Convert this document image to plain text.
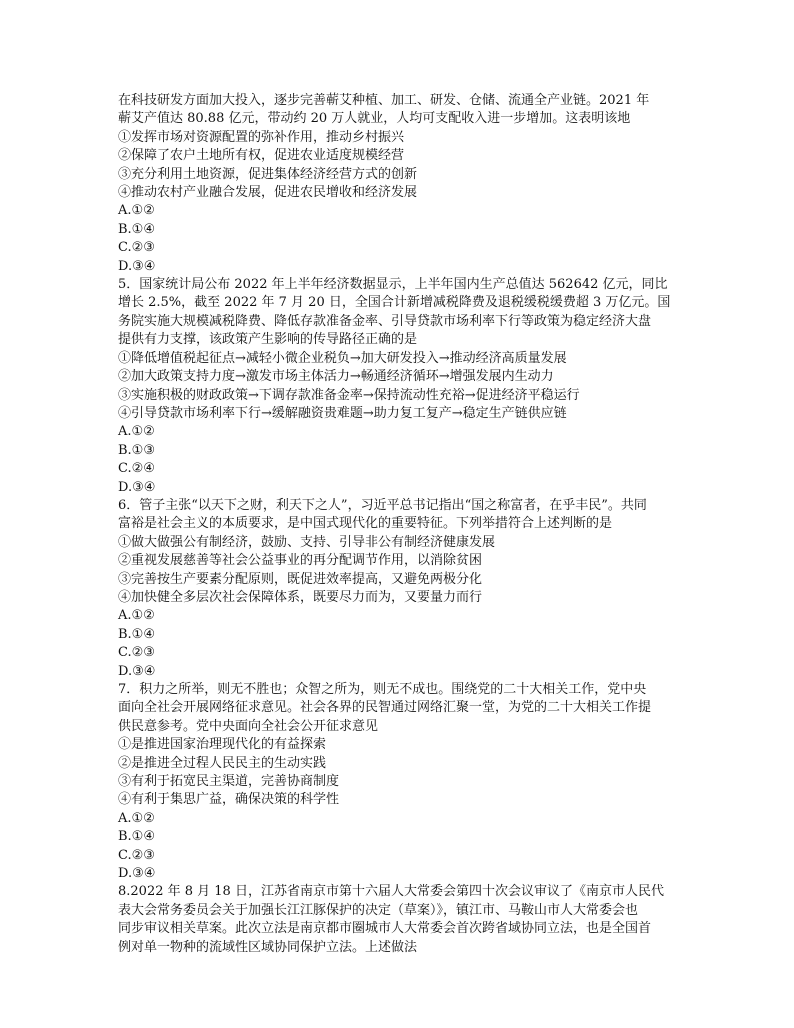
在科技研发方面加大投入，逐步完善蕲艾种植、加工、研发、仓储、流通全产业链。2021 年
蕲艾产值达 80.88 亿元，带动约 20 万人就业，人均可支配收入进一步增加。这表明该地
①发挥市场对资源配置的弥补作用，推动乡村振兴
②保障了农户土地所有权，促进农业适度规模经营
③充分利用土地资源，促进集体经济经营方式的创新
④推动农村产业融合发展，促进农民增收和经济发展
A.①②
B.①④
C.②③
D.③④
5．国家统计局公布 2022 年上半年经济数据显示，上半年国内生产总值达 562642 亿元，同比
增长 2.5%，截至 2022 年 7 月 20 日，全国合计新增减税降费及退税缓税缓费超 3 万亿元。国
务院实施大规模减税降费、降低存款准备金率、引导贷款市场利率下行等政策为稳定经济大盘
提供有力支撑，该政策产生影响的传导路径正确的是
①降低增值税起征点→减轻小微企业税负→加大研发投入→推动经济高质量发展
②加大政策支持力度→激发市场主体活力→畅通经济循环→增强发展内生动力
③实施积极的财政政策→下调存款准备金率→保持流动性充裕→促进经济平稳运行
④引导贷款市场利率下行→缓解融资贵难题→助力复工复产→稳定生产链供应链
A.①②
B.①③
C.②④
D.③④
6．管子主张“以天下之财，利天下之人”，习近平总书记指出“国之称富者，在乎丰民”。共同
富裕是社会主义的本质要求，是中国式现代化的重要特征。下列举措符合上述判断的是
①做大做强公有制经济，鼓励、支持、引导非公有制经济健康发展
②重视发展慈善等社会公益事业的再分配调节作用，以消除贫困
③完善按生产要素分配原则，既促进效率提高，又避免两极分化
④加快健全多层次社会保障体系，既要尽力而为，又要量力而行
A.①②
B.①④
C.②③
D.③④
7．积力之所举，则无不胜也；众智之所为，则无不成也。围绕党的二十大相关工作，党中央
面向全社会开展网络征求意见。社会各界的民智通过网络汇聚一堂，为党的二十大相关工作提
供民意参考。党中央面向全社会公开征求意见
①是推进国家治理现代化的有益探索
②是推进全过程人民民主的生动实践
③有利于拓宽民主渠道，完善协商制度
④有利于集思广益，确保决策的科学性
A.①②
B.①④
C.②③
D.③④
8.2022 年 8 月 18 日，江苏省南京市第十六届人大常委会第四十次会议审议了《南京市人民代
表大会常务委员会关于加强长江江豚保护的决定（草案）》，镇江市、马鞍山市人大常委会也
同步审议相关草案。此次立法是南京都市圈城市人大常委会首次跨省域协同立法，也是全国首
例对单一物种的流域性区域协同保护立法。上述做法
